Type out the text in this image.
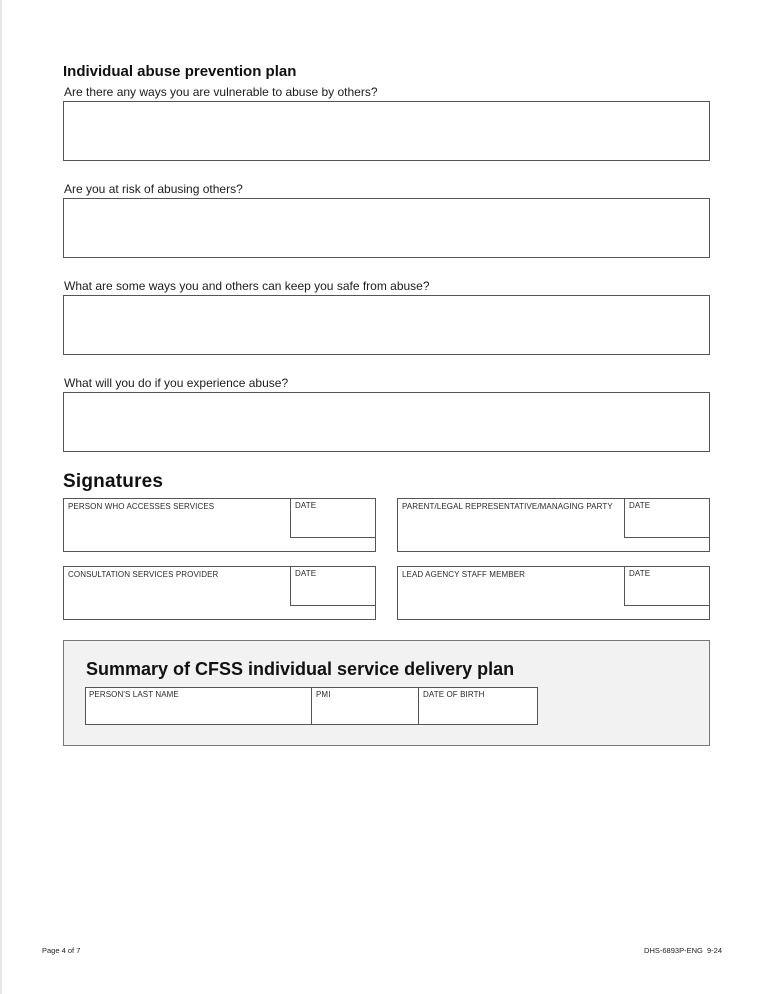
Individual abuse prevention plan
Are there any ways you are vulnerable to abuse by others?
Are you at risk of abusing others?
What are some ways you and others can keep you safe from abuse?
What will you do if you experience abuse?
Signatures
PERSON WHO ACCESSES SERVICES	DATE	PARENT/LEGAL REPRESENTATIVE/MANAGING PARTY	DATE
CONSULTATION SERVICES PROVIDER	DATE	LEAD AGENCY STAFF MEMBER	DATE
Summary of CFSS individual service delivery plan
PERSON'S LAST NAME	PMI	DATE OF BIRTH
Page 4 of 7	DHS-6893P-ENG  9-24
